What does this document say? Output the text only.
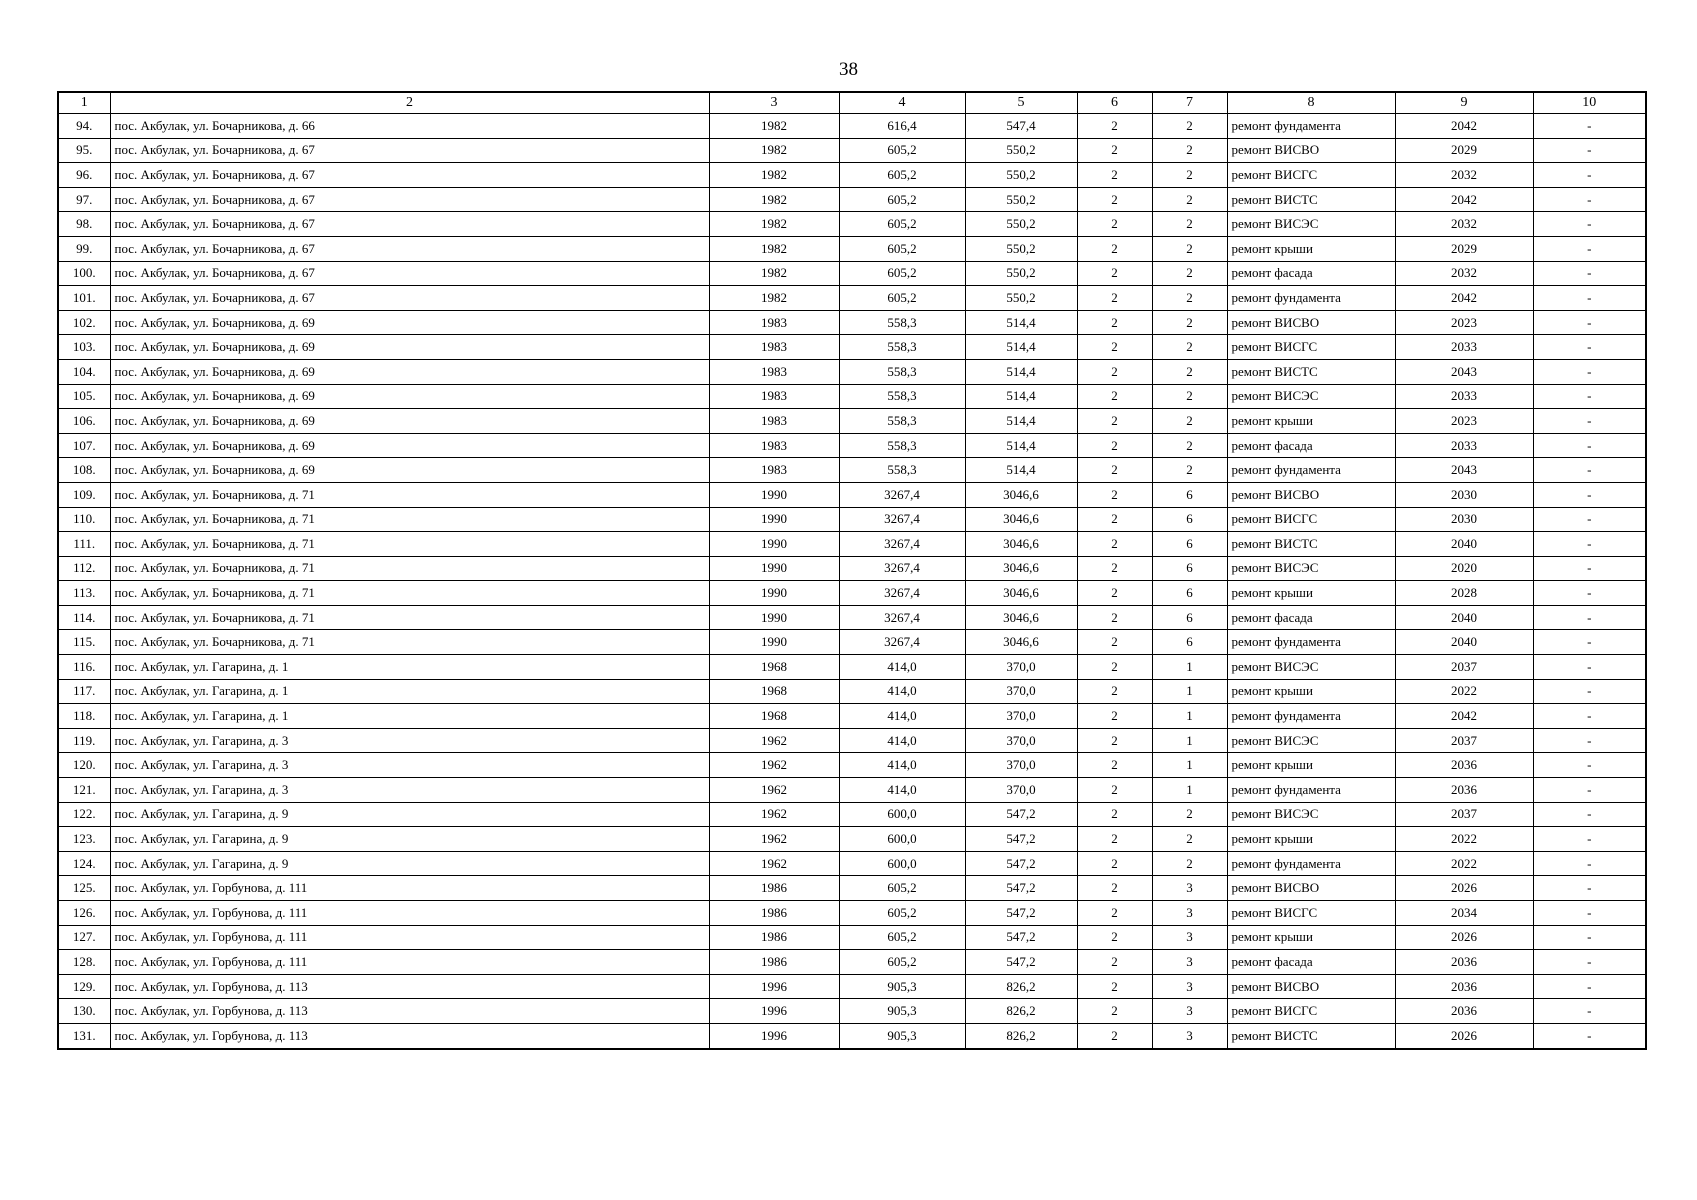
38
1	2	3	4	5	6	7	8	9	10
94.	пос. Акбулак, ул. Бочарникова, д. 66	1982	616,4	547,4	2	2	ремонт фундамента	2042	-
95.	пос. Акбулак, ул. Бочарникова, д. 67	1982	605,2	550,2	2	2	ремонт ВИСВО	2029	-
96.	пос. Акбулак, ул. Бочарникова, д. 67	1982	605,2	550,2	2	2	ремонт ВИСГС	2032	-
97.	пос. Акбулак, ул. Бочарникова, д. 67	1982	605,2	550,2	2	2	ремонт ВИСТС	2042	-
98.	пос. Акбулак, ул. Бочарникова, д. 67	1982	605,2	550,2	2	2	ремонт ВИСЭС	2032	-
99.	пос. Акбулак, ул. Бочарникова, д. 67	1982	605,2	550,2	2	2	ремонт крыши	2029	-
100.	пос. Акбулак, ул. Бочарникова, д. 67	1982	605,2	550,2	2	2	ремонт фасада	2032	-
101.	пос. Акбулак, ул. Бочарникова, д. 67	1982	605,2	550,2	2	2	ремонт фундамента	2042	-
102.	пос. Акбулак, ул. Бочарникова, д. 69	1983	558,3	514,4	2	2	ремонт ВИСВО	2023	-
103.	пос. Акбулак, ул. Бочарникова, д. 69	1983	558,3	514,4	2	2	ремонт ВИСГС	2033	-
104.	пос. Акбулак, ул. Бочарникова, д. 69	1983	558,3	514,4	2	2	ремонт ВИСТС	2043	-
105.	пос. Акбулак, ул. Бочарникова, д. 69	1983	558,3	514,4	2	2	ремонт ВИСЭС	2033	-
106.	пос. Акбулак, ул. Бочарникова, д. 69	1983	558,3	514,4	2	2	ремонт крыши	2023	-
107.	пос. Акбулак, ул. Бочарникова, д. 69	1983	558,3	514,4	2	2	ремонт фасада	2033	-
108.	пос. Акбулак, ул. Бочарникова, д. 69	1983	558,3	514,4	2	2	ремонт фундамента	2043	-
109.	пос. Акбулак, ул. Бочарникова, д. 71	1990	3267,4	3046,6	2	6	ремонт ВИСВО	2030	-
110.	пос. Акбулак, ул. Бочарникова, д. 71	1990	3267,4	3046,6	2	6	ремонт ВИСГС	2030	-
111.	пос. Акбулак, ул. Бочарникова, д. 71	1990	3267,4	3046,6	2	6	ремонт ВИСТС	2040	-
112.	пос. Акбулак, ул. Бочарникова, д. 71	1990	3267,4	3046,6	2	6	ремонт ВИСЭС	2020	-
113.	пос. Акбулак, ул. Бочарникова, д. 71	1990	3267,4	3046,6	2	6	ремонт крыши	2028	-
114.	пос. Акбулак, ул. Бочарникова, д. 71	1990	3267,4	3046,6	2	6	ремонт фасада	2040	-
115.	пос. Акбулак, ул. Бочарникова, д. 71	1990	3267,4	3046,6	2	6	ремонт фундамента	2040	-
116.	пос. Акбулак, ул. Гагарина, д. 1	1968	414,0	370,0	2	1	ремонт ВИСЭС	2037	-
117.	пос. Акбулак, ул. Гагарина, д. 1	1968	414,0	370,0	2	1	ремонт крыши	2022	-
118.	пос. Акбулак, ул. Гагарина, д. 1	1968	414,0	370,0	2	1	ремонт фундамента	2042	-
119.	пос. Акбулак, ул. Гагарина, д. 3	1962	414,0	370,0	2	1	ремонт ВИСЭС	2037	-
120.	пос. Акбулак, ул. Гагарина, д. 3	1962	414,0	370,0	2	1	ремонт крыши	2036	-
121.	пос. Акбулак, ул. Гагарина, д. 3	1962	414,0	370,0	2	1	ремонт фундамента	2036	-
122.	пос. Акбулак, ул. Гагарина, д. 9	1962	600,0	547,2	2	2	ремонт ВИСЭС	2037	-
123.	пос. Акбулак, ул. Гагарина, д. 9	1962	600,0	547,2	2	2	ремонт крыши	2022	-
124.	пос. Акбулак, ул. Гагарина, д. 9	1962	600,0	547,2	2	2	ремонт фундамента	2022	-
125.	пос. Акбулак, ул. Горбунова, д. 111	1986	605,2	547,2	2	3	ремонт ВИСВО	2026	-
126.	пос. Акбулак, ул. Горбунова, д. 111	1986	605,2	547,2	2	3	ремонт ВИСГС	2034	-
127.	пос. Акбулак, ул. Горбунова, д. 111	1986	605,2	547,2	2	3	ремонт крыши	2026	-
128.	пос. Акбулак, ул. Горбунова, д. 111	1986	605,2	547,2	2	3	ремонт фасада	2036	-
129.	пос. Акбулак, ул. Горбунова, д. 113	1996	905,3	826,2	2	3	ремонт ВИСВО	2036	-
130.	пос. Акбулак, ул. Горбунова, д. 113	1996	905,3	826,2	2	3	ремонт ВИСГС	2036	-
131.	пос. Акбулак, ул. Горбунова, д. 113	1996	905,3	826,2	2	3	ремонт ВИСТС	2026	-
